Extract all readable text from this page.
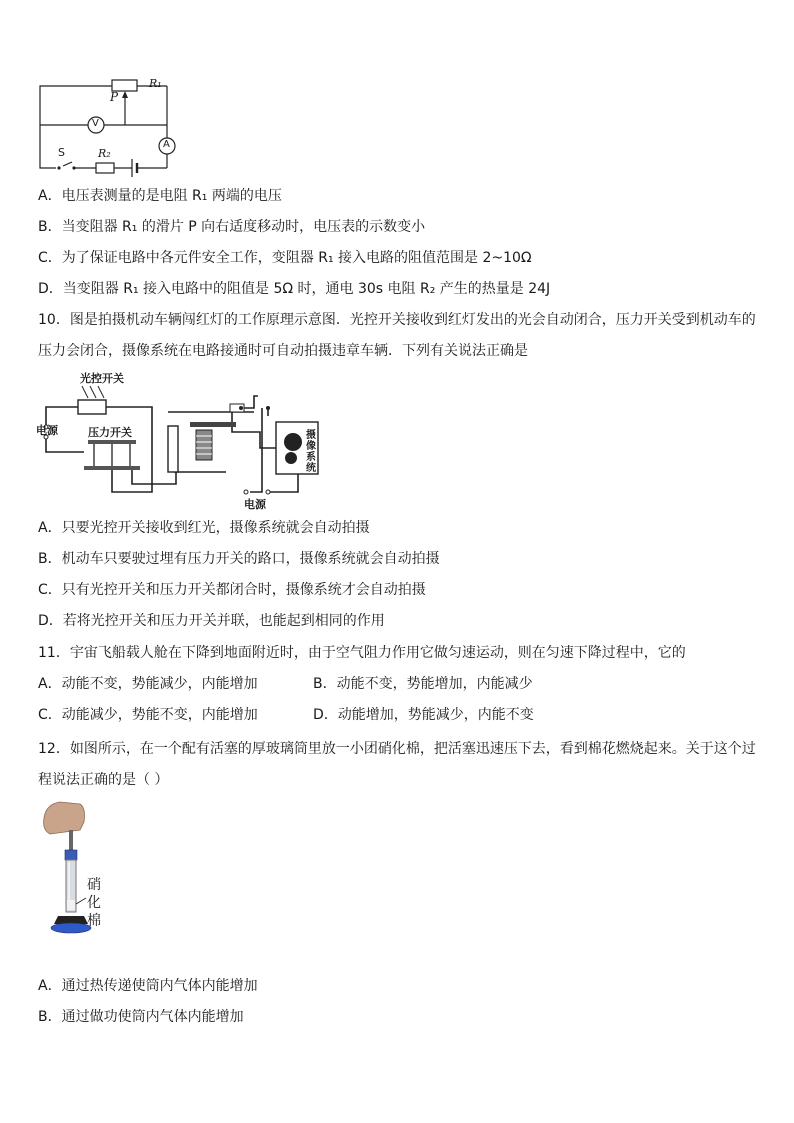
R₁
P
V
A
S	R₂
A．电压表测量的是电阻 R₁ 两端的电压
B．当变阻器 R₁ 的滑片 P 向右适度移动时，电压表的示数变小
C．为了保证电路中各元件安全工作，变阻器 R₁ 接入电路的阻值范围是 2~10Ω
D．当变阻器 R₁ 接入电路中的阻值是 5Ω 时，通电 30s 电阻 R₂ 产生的热量是 24J
10．图是拍摄机动车辆闯红灯的工作原理示意图．光控开关接收到红灯发出的光会自动闭合，压力开关受到机动车的
压力会闭合，摄像系统在电路接通时可自动拍摄违章车辆．下列有关说法正确是
光控开关
电源	压力开关	摄像系统
电源
A．只要光控开关接收到红光，摄像系统就会自动拍摄
B．机动车只要驶过埋有压力开关的路口，摄像系统就会自动拍摄
C．只有光控开关和压力开关都闭合时，摄像系统才会自动拍摄
D．若将光控开关和压力开关并联，也能起到相同的作用
11．宇宙飞船载人舱在下降到地面附近时，由于空气阻力作用它做匀速运动，则在匀速下降过程中，它的
A．动能不变，势能减少，内能增加	B．动能不变，势能增加，内能减少
C．动能减少，势能不变，内能增加	D．动能增加，势能减少，内能不变
12．如图所示，在一个配有活塞的厚玻璃筒里放一小团硝化棉，把活塞迅速压下去，看到棉花燃烧起来。关于这个过
程说法正确的是（ ）
硝
化
棉
A．通过热传递使筒内气体内能增加
B．通过做功使筒内气体内能增加
